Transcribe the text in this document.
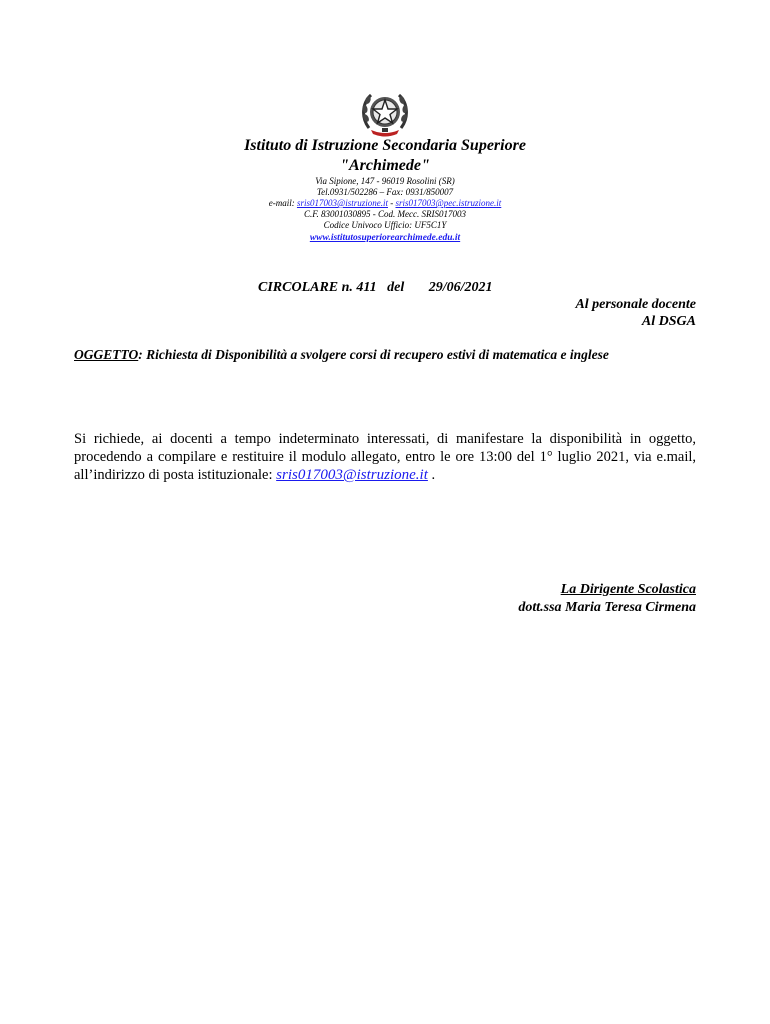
Istituto di Istruzione Secondaria Superiore
"Archimede"
Via Sipione, 147 - 96019 Rosolini (SR)
Tel.0931/502286 – Fax: 0931/850007
e-mail: sris017003@istruzione.it - sris017003@pec.istruzione.it
C.F. 83001030895 - Cod. Mecc. SRIS017003
Codice Univoco Ufficio: UF5C1Y
www.istitutosuperiorearchimede.edu.it
CIRCOLARE n. 411   del       29/06/2021
Al personale docente
Al DSGA
OGGETTO: Richiesta di Disponibilità a svolgere corsi di recupero estivi di matematica e inglese
Si richiede, ai docenti a tempo indeterminato interessati, di manifestare la disponibilità in oggetto, procedendo a compilare e restituire il modulo allegato, entro le ore 13:00 del 1° luglio 2021, via e.mail, all’indirizzo di posta istituzionale: sris017003@istruzione.it .
La Dirigente Scolastica
dott.ssa Maria Teresa Cirmena
